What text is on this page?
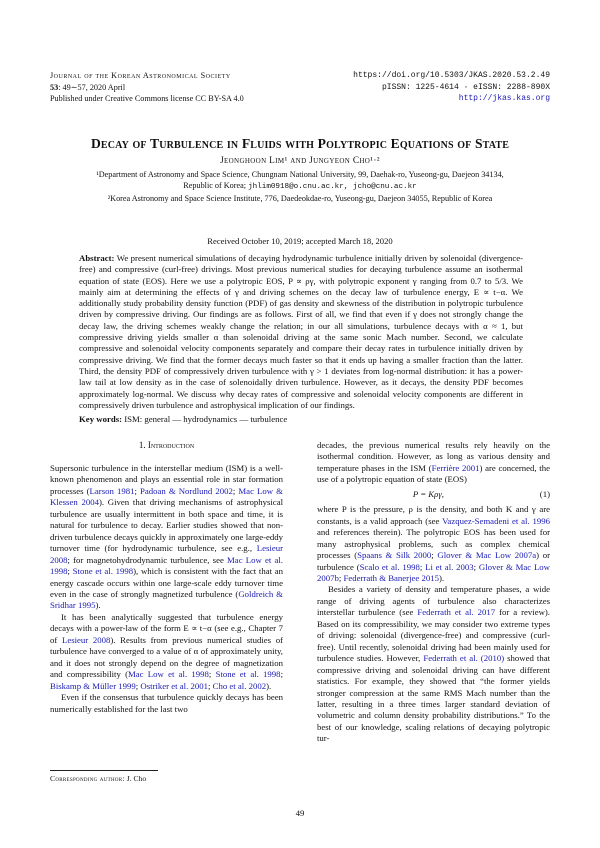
Journal of the Korean Astronomical Society
53: 49∼57, 2020 April
Published under Creative Commons license CC BY-SA 4.0
https://doi.org/10.5303/JKAS.2020.53.2.49
pISSN: 1225-4614 · eISSN: 2288-890X
http://jkas.kas.org
Decay of Turbulence in Fluids with Polytropic Equations of State
Jeonghoon Lim¹ and Jungyeon Cho¹·²
¹Department of Astronomy and Space Science, Chungnam National University, 99, Daehak-ro, Yuseong-gu, Daejeon 34134,
Republic of Korea; jhlim0918@o.cnu.ac.kr, jcho@cnu.ac.kr
²Korea Astronomy and Space Science Institute, 776, Daedeokdae-ro, Yuseong-gu, Daejeon 34055, Republic of Korea
Received October 10, 2019; accepted March 18, 2020
Abstract: We present numerical simulations of decaying hydrodynamic turbulence initially driven by solenoidal (divergence-free) and compressive (curl-free) drivings. Most previous numerical studies for decaying turbulence assume an isothermal equation of state (EOS). Here we use a polytropic EOS, P ∝ ργ, with polytropic exponent γ ranging from 0.7 to 5/3. We mainly aim at determining the effects of γ and driving schemes on the decay law of turbulence energy, E ∝ t−α. We additionally study probability density function (PDF) of gas density and skewness of the distribution in polytropic turbulence driven by compressive driving. Our findings are as follows. First of all, we find that even if γ does not strongly change the decay law, the driving schemes weakly change the relation; in our all simulations, turbulence decays with α ≈ 1, but compressive driving yields smaller α than solenoidal driving at the same sonic Mach number. Second, we calculate compressive and solenoidal velocity components separately and compare their decay rates in turbulence initially driven by compressive driving. We find that the former decays much faster so that it ends up having a smaller fraction than the latter. Third, the density PDF of compressively driven turbulence with γ > 1 deviates from log-normal distribution: it has a power-law tail at low density as in the case of solenoidally driven turbulence. However, as it decays, the density PDF becomes approximately log-normal. We discuss why decay rates of compressive and solenoidal velocity components are different in compressively driven turbulence and astrophysical implication of our findings.
Key words: ISM: general — hydrodynamics — turbulence
1. Introduction

Supersonic turbulence in the interstellar medium (ISM) is a well-known phenomenon and plays an essential role in star formation processes (Larson 1981; Padoan & Nordlund 2002; Mac Low & Klessen 2004). Given that driving mechanisms of astrophysical turbulence are usually intermittent in both space and time, it is natural for turbulence to decay. Earlier studies showed that non-driven turbulence decays quickly in approximately one large-eddy turnover time (for hydrodynamic turbulence, see e.g., Lesieur 2008; for magnetohydrodynamic turbulence, see Mac Low et al. 1998; Stone et al. 1998), which is consistent with the fact that an energy cascade occurs within one large-scale eddy turnover time even in the case of strongly magnetized turbulence (Goldreich & Sridhar 1995).

It has been analytically suggested that turbulence energy decays with a power-law of the form E ∝ t−α (see e.g., Chapter 7 of Lesieur 2008). Results from previous numerical studies of turbulence have converged to a value of α of approximately unity, and it does not strongly depend on the degree of magnetization and compressibility (Mac Low et al. 1998; Stone et al. 1998; Biskamp & Müller 1999; Ostriker et al. 2001; Cho et al. 2002).

Even if the consensus that turbulence quickly decays has been numerically established for the last two

decades, the previous numerical results rely heavily on the isothermal condition. However, as long as various density and temperature phases in the ISM (Ferrière 2001) are concerned, the use of a polytropic equation of state (EOS)

P = Kργ,	(1)

where P is the pressure, ρ is the density, and both K and γ are constants, is a valid approach (see Vazquez-Semadeni et al. 1996 and references therein). The polytropic EOS has been used for many astrophysical problems, such as complex chemical processes (Spaans & Silk 2000; Glover & Mac Low 2007a) or turbulence (Scalo et al. 1998; Li et al. 2003; Glover & Mac Low 2007b; Federrath & Banerjee 2015).

Besides a variety of density and temperature phases, a wide range of driving agents of turbulence also characterizes interstellar turbulence (see Federrath et al. 2017 for a review). Based on its compressibility, we may consider two extreme types of driving: solenoidal (divergence-free) and compressive (curl-free). Until recently, solenoidal driving had been mainly used for turbulence studies. However, Federrath et al. (2010) showed that compressive driving and solenoidal driving can have different statistics. For example, they showed that “the former yields stronger compression at the same RMS Mach number than the latter, resulting in a three times larger standard deviation of volumetric and column density probability distributions.” To the best of our knowledge, scaling relations of decaying polytropic tur-

Corresponding author: J. Cho
49
